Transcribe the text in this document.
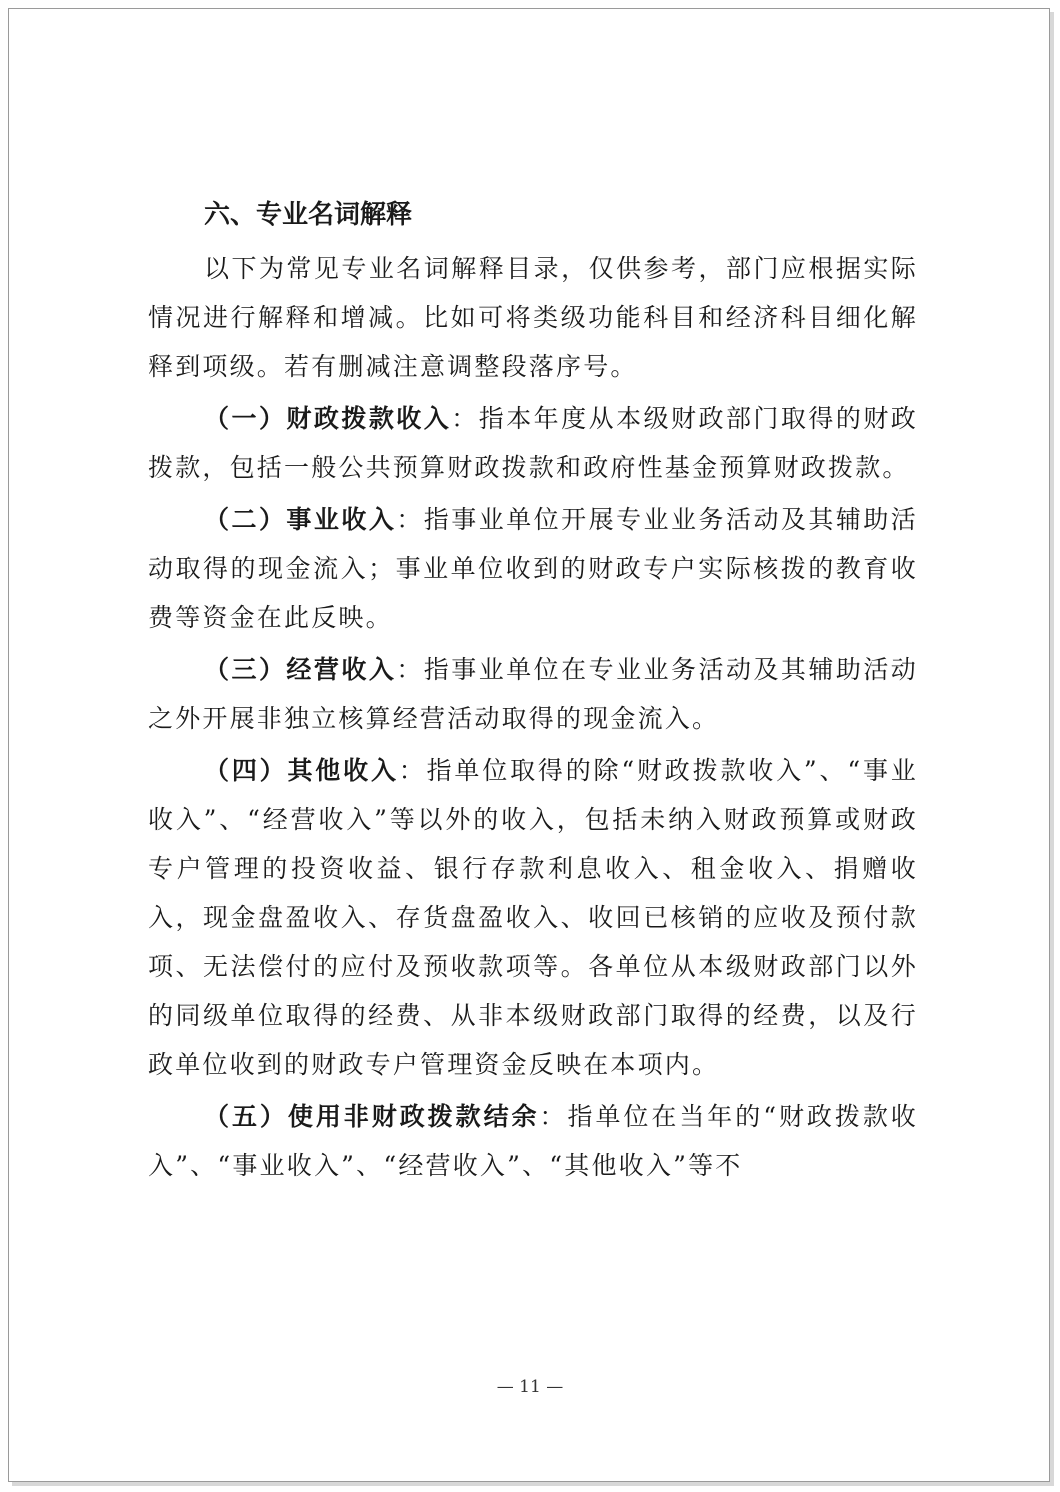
六、专业名词解释

以下为常见专业名词解释目录，仅供参考，部门应根据实际情况进行解释和增减。比如可将类级功能科目和经济科目细化解释到项级。若有删减注意调整段落序号。

（一）财政拨款收入：指本年度从本级财政部门取得的财政拨款，包括一般公共预算财政拨款和政府性基金预算财政拨款。

（二）事业收入：指事业单位开展专业业务活动及其辅助活动取得的现金流入；事业单位收到的财政专户实际核拨的教育收费等资金在此反映。

（三）经营收入：指事业单位在专业业务活动及其辅助活动之外开展非独立核算经营活动取得的现金流入。

（四）其他收入：指单位取得的除“财政拨款收入”、“事业收入”、“经营收入”等以外的收入，包括未纳入财政预算或财政专户管理的投资收益、银行存款利息收入、租金收入、捐赠收入，现金盘盈收入、存货盘盈收入、收回已核销的应收及预付款项、无法偿付的应付及预收款项等。各单位从本级财政部门以外的同级单位取得的经费、从非本级财政部门取得的经费，以及行政单位收到的财政专户管理资金反映在本项内。

（五）使用非财政拨款结余：指单位在当年的“财政拨款收入”、“事业收入”、“经营收入”、“其他收入”等不

— 11 —
